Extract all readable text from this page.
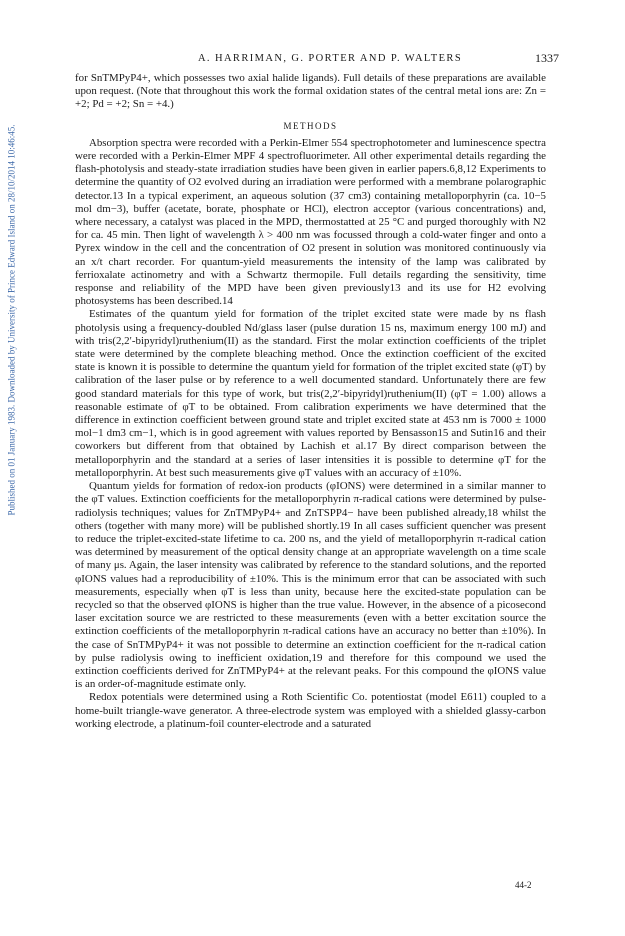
Published on 01 January 1983. Downloaded by University of Prince Edward Island on 28/10/2014 10:46:45.
A. HARRIMAN, G. PORTER AND P. WALTERS	1337

for SnTMPyP4+, which possesses two axial halide ligands). Full details of these preparations are available upon request. (Note that throughout this work the formal oxidation states of the central metal ions are: Zn = +2; Pd = +2; Sn = +4.)

METHODS

Absorption spectra were recorded with a Perkin-Elmer 554 spectrophotometer and luminescence spectra were recorded with a Perkin-Elmer MPF 4 spectrofluorimeter. All other experimental details regarding the flash-photolysis and steady-state irradiation studies have been given in earlier papers.6,8,12 Experiments to determine the quantity of O2 evolved during an irradiation were performed with a membrane polarographic detector.13 In a typical experiment, an aqueous solution (37 cm3) containing metalloporphyrin (ca. 10−5 mol dm−3), buffer (acetate, borate, phosphate or HCl), electron acceptor (various concentrations) and, where necessary, a catalyst was placed in the MPD, thermostatted at 25 °C and purged thoroughly with N2 for ca. 45 min. Then light of wavelength λ > 400 nm was focussed through a cold-water finger and onto a Pyrex window in the cell and the concentration of O2 present in solution was monitored continuously via an x/t chart recorder. For quantum-yield measurements the intensity of the lamp was calibrated by ferrioxalate actinometry and with a Schwartz thermopile. Full details regarding the sensitivity, time response and reliability of the MPD have been given previously13 and its use for H2 evolving photosystems has been described.14

Estimates of the quantum yield for formation of the triplet excited state were made by ns flash photolysis using a frequency-doubled Nd/glass laser (pulse duration 15 ns, maximum energy 100 mJ) and with tris(2,2′-bipyridyl)ruthenium(II) as the standard. First the molar extinction coefficients of the triplet state were determined by the complete bleaching method. Once the extinction coefficient of the excited state is known it is possible to determine the quantum yield for formation of the triplet excited state (φT) by calibration of the laser pulse or by reference to a well documented standard. Unfortunately there are few good standard materials for this type of work, but tris(2,2′-bipyridyl)ruthenium(II) (φT = 1.00) allows a reasonable estimate of φT to be obtained. From calibration experiments we have determined that the difference in extinction coefficient between ground state and triplet excited state at 453 nm is 7000 ± 1000 mol−1 dm3 cm−1, which is in good agreement with values reported by Bensasson15 and Sutin16 and their coworkers but different from that obtained by Lachish et al.17 By direct comparison between the metalloporphyrin and the standard at a series of laser intensities it is possible to determine φT for the metalloporphyrin. At best such measurements give φT values with an accuracy of ±10%.

Quantum yields for formation of redox-ion products (φIONS) were determined in a similar manner to the φT values. Extinction coefficients for the metalloporphyrin π-radical cations were determined by pulse-radiolysis techniques; values for ZnTMPyP4+ and ZnTSPP4− have been published already,18 whilst the others (together with many more) will be published shortly.19 In all cases sufficient quencher was present to reduce the triplet-excited-state lifetime to ca. 200 ns, and the yield of metalloporphyrin π-radical cation was determined by measurement of the optical density change at an appropriate wavelength on a time scale of many μs. Again, the laser intensity was calibrated by reference to the standard solutions, and the reported φIONS values had a reproducibility of ±10%. This is the minimum error that can be associated with such measurements, especially when φT is less than unity, because here the excited-state population can be recycled so that the observed φIONS is higher than the true value. However, in the absence of a picosecond laser excitation source we are restricted to these measurements (even with a better excitation source the extinction coefficients of the metalloporphyrin π-radical cations have an accuracy no better than ±10%). In the case of SnTMPyP4+ it was not possible to determine an extinction coefficient for the π-radical cation by pulse radiolysis owing to inefficient oxidation,19 and therefore for this compound we used the extinction coefficients derived for ZnTMPyP4+ at the relevant peaks. For this compound the φIONS value is an order-of-magnitude estimate only.

Redox potentials were determined using a Roth Scientific Co. potentiostat (model E611) coupled to a home-built triangle-wave generator. A three-electrode system was employed with a shielded glassy-carbon working electrode, a platinum-foil counter-electrode and a saturated

44-2
